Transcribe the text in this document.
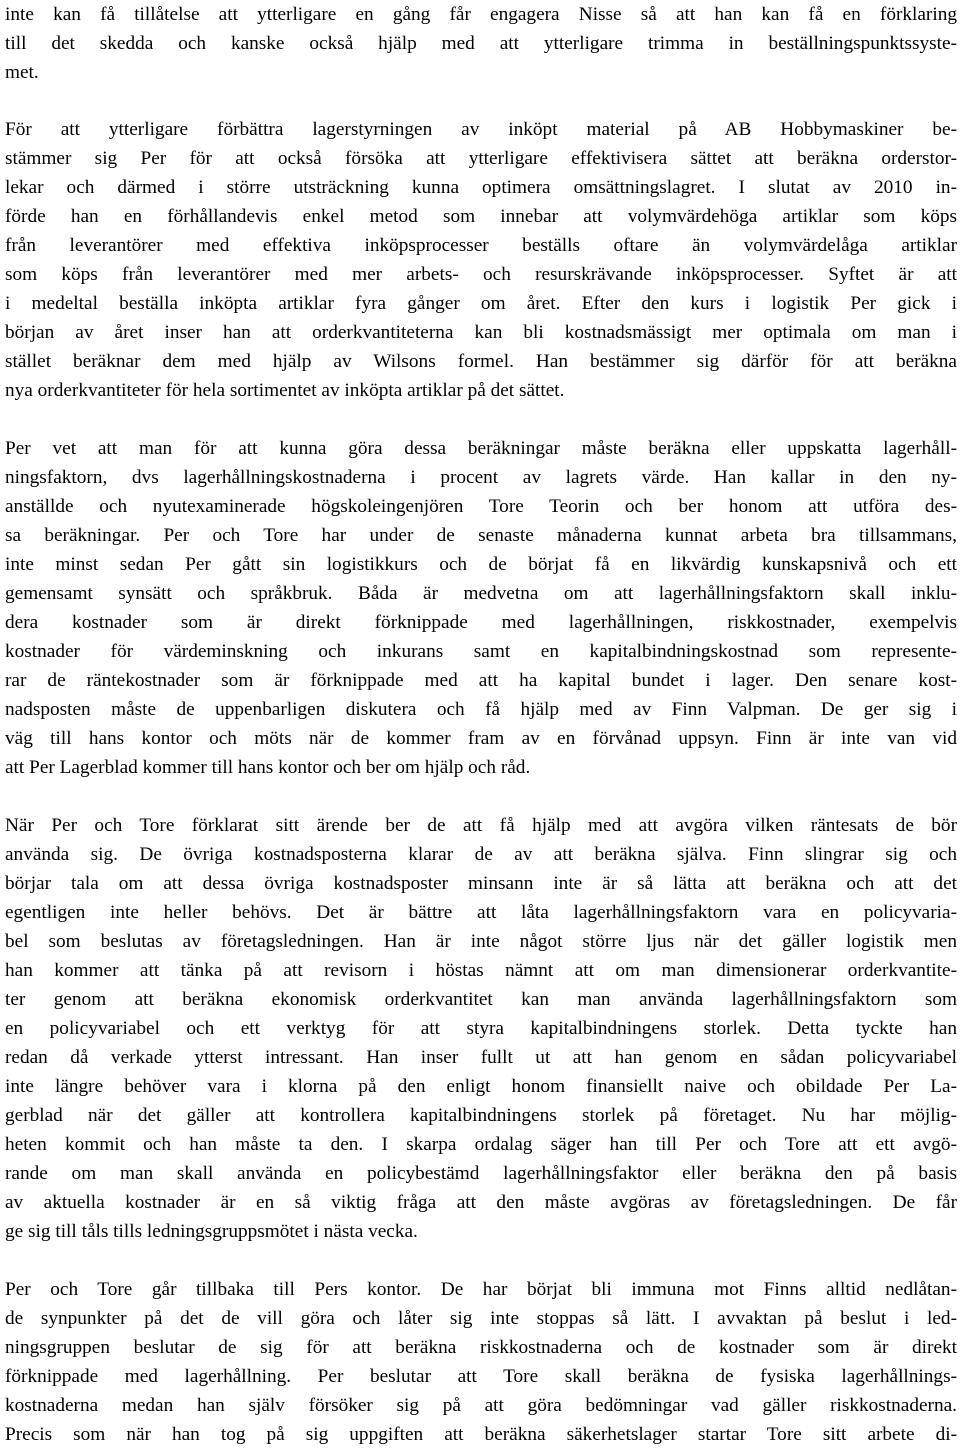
inte kan få tillåtelse att ytterligare en gång får engagera Nisse så att han kan få en förklaring
till det skedda och kanske också hjälp med att ytterligare trimma in beställningspunktssyste-
met.
För att ytterligare förbättra lagerstyrningen av inköpt material på AB Hobbymaskiner be-
stämmer sig Per för att också försöka att ytterligare effektivisera sättet att beräkna orderstor-
lekar och därmed i större utsträckning kunna optimera omsättningslagret. I slutat av 2010 in-
förde han en förhållandevis enkel metod som innebar att volymvärdehöga artiklar som köps
från leverantörer med effektiva inköpsprocesser beställs oftare än volymvärdelåga artiklar
som köps från leverantörer med mer arbets- och resurskrävande inköpsprocesser. Syftet är att
i medeltal beställa inköpta artiklar fyra gånger om året. Efter den kurs i logistik Per gick i
början av året inser han att orderkvantiteterna kan bli kostnadsmässigt mer optimala om man i
stället beräknar dem med hjälp av Wilsons formel. Han bestämmer sig därför för att beräkna
nya orderkvantiteter för hela sortimentet av inköpta artiklar på det sättet.
Per vet att man för att kunna göra dessa beräkningar måste beräkna eller uppskatta lagerhåll-
ningsfaktorn, dvs lagerhållningskostnaderna i procent av lagrets värde. Han kallar in den ny-
anställde och nyutexaminerade högskoleingenjören Tore Teorin och ber honom att utföra des-
sa beräkningar. Per och Tore har under de senaste månaderna kunnat arbeta bra tillsammans,
inte minst sedan Per gått sin logistikkurs och de börjat få en likvärdig kunskapsnivå och ett
gemensamt synsätt och språkbruk. Båda är medvetna om att lagerhållningsfaktorn skall inklu-
dera kostnader som är direkt förknippade med lagerhållningen, riskkostnader, exempelvis
kostnader för värdeminskning och inkurans samt en kapitalbindningskostnad som represente-
rar de räntekostnader som är förknippade med att ha kapital bundet i lager. Den senare kost-
nadsposten måste de uppenbarligen diskutera och få hjälp med av Finn Valpman. De ger sig i
väg till hans kontor och möts när de kommer fram av en förvånad uppsyn. Finn är inte van vid
att Per Lagerblad kommer till hans kontor och ber om hjälp och råd.
När Per och Tore förklarat sitt ärende ber de att få hjälp med att avgöra vilken räntesats de bör
använda sig. De övriga kostnadsposterna klarar de av att beräkna själva. Finn slingrar sig och
börjar tala om att dessa övriga kostnadsposter minsann inte är så lätta att beräkna och att det
egentligen inte heller behövs. Det är bättre att låta lagerhållningsfaktorn vara en policyvaria-
bel som beslutas av företagsledningen. Han är inte något större ljus när det gäller logistik men
han kommer att tänka på att revisorn i höstas nämnt att om man dimensionerar orderkvantite-
ter genom att beräkna ekonomisk orderkvantitet kan man använda lagerhållningsfaktorn som
en policyvariabel och ett verktyg för att styra kapitalbindningens storlek. Detta tyckte han
redan då verkade ytterst intressant. Han inser fullt ut att han genom en sådan policyvariabel
inte längre behöver vara i klorna på den enligt honom finansiellt naive och obildade Per La-
gerblad när det gäller att kontrollera kapitalbindningens storlek på företaget. Nu har möjlig-
heten kommit och han måste ta den. I skarpa ordalag säger han till Per och Tore att ett avgö-
rande om man skall använda en policybestämd lagerhållningsfaktor eller beräkna den på basis
av aktuella kostnader är en så viktig fråga att den måste avgöras av företagsledningen. De får
ge sig till tåls tills ledningsgruppsmötet i nästa vecka.
Per och Tore går tillbaka till Pers kontor. De har börjat bli immuna mot Finns alltid nedlåtan-
de synpunkter på det de vill göra och låter sig inte stoppas så lätt. I avvaktan på beslut i led-
ningsgruppen beslutar de sig för att beräkna riskkostnaderna och de kostnader som är direkt
förknippade med lagerhållning. Per beslutar att Tore skall beräkna de fysiska lagerhållnings-
kostnaderna medan han själv försöker sig på att göra bedömningar vad gäller riskkostnaderna.
Precis som när han tog på sig uppgiften att beräkna säkerhetslager startar Tore sitt arbete di-
